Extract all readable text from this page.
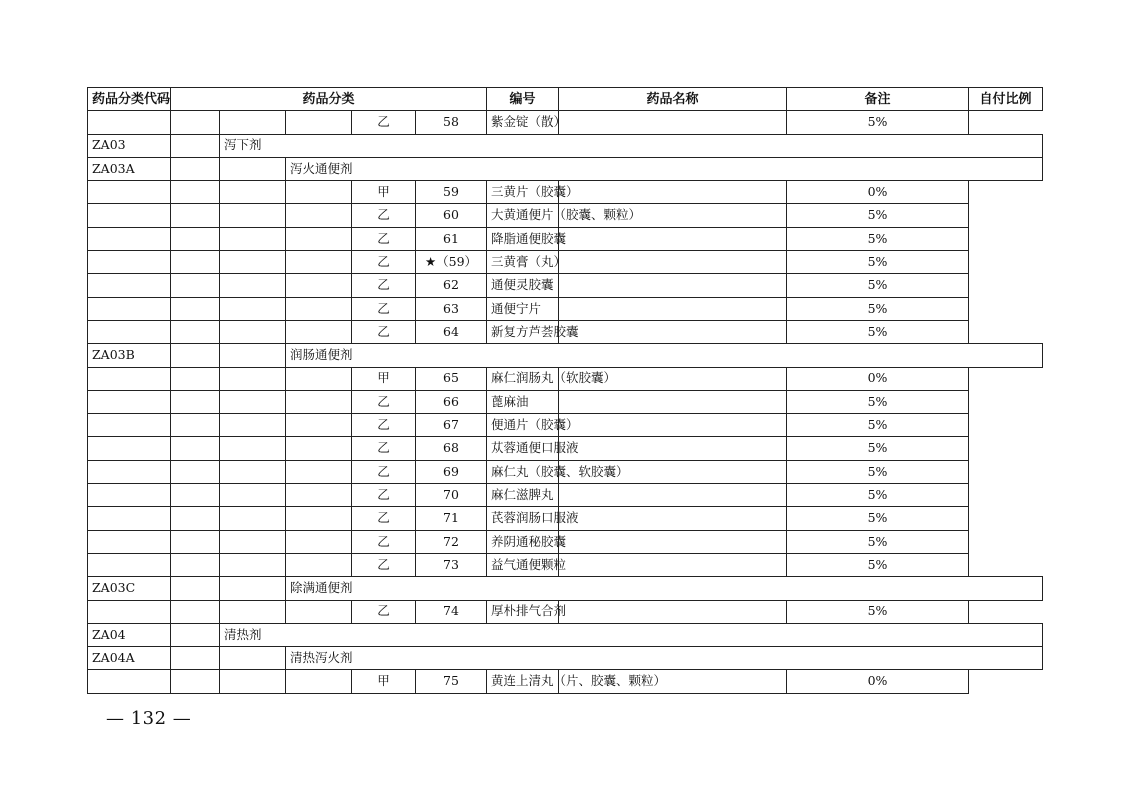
药品分类代码	药品分类					编号	药品名称	备注	自付比例
				乙	58	紫金锭（散）		5%	
ZA03		泻下剂							
ZA03A			泻火通便剂						
				甲	59	三黄片（胶囊）		0%	
				乙	60	大黄通便片（胶囊、颗粒）		5%	
				乙	61	降脂通便胶囊		5%	
				乙	★（59）	三黄膏（丸）		5%	
				乙	62	通便灵胶囊		5%	
				乙	63	通便宁片		5%	
				乙	64	新复方芦荟胶囊		5%	
ZA03B			润肠通便剂						
				甲	65	麻仁润肠丸（软胶囊）		0%	
				乙	66	蓖麻油		5%	
				乙	67	便通片（胶囊）		5%	
				乙	68	苁蓉通便口服液		5%	
				乙	69	麻仁丸（胶囊、软胶囊）		5%	
				乙	70	麻仁滋脾丸		5%	
				乙	71	芪蓉润肠口服液		5%	
				乙	72	养阴通秘胶囊		5%	
				乙	73	益气通便颗粒		5%	
ZA03C			除满通便剂						
				乙	74	厚朴排气合剂		5%	
ZA04		清热剂							
ZA04A			清热泻火剂						
				甲	75	黄连上清丸（片、胶囊、颗粒）		0%	
— 132 —
